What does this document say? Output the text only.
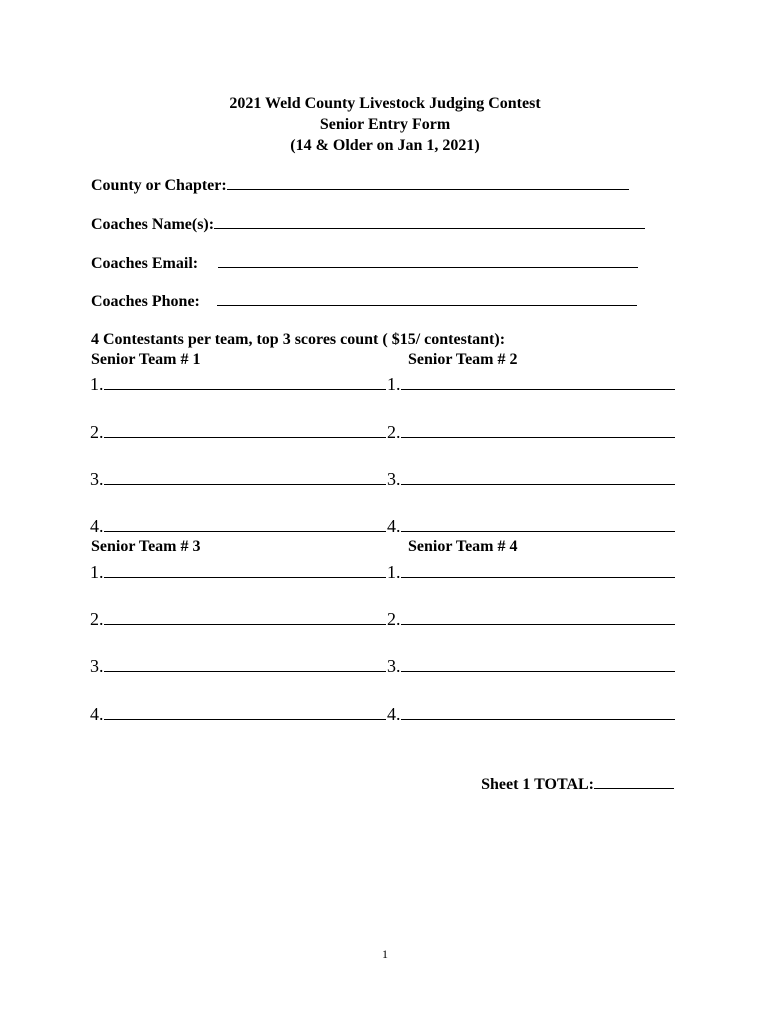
2021 Weld County Livestock Judging Contest
Senior Entry Form
(14 & Older on Jan 1, 2021)
County or Chapter:
Coaches Name(s):
Coaches Email:
Coaches Phone:
4 Contestants per team, top 3 scores count ( $15/ contestant):
Senior Team # 1	Senior Team # 2
1.
2.
3.
4.
1.
2.
3.
4.
Senior Team # 3	Senior Team # 4
1.
2.
3.
4.
1.
2.
3.
4.
Sheet 1 TOTAL:
1
